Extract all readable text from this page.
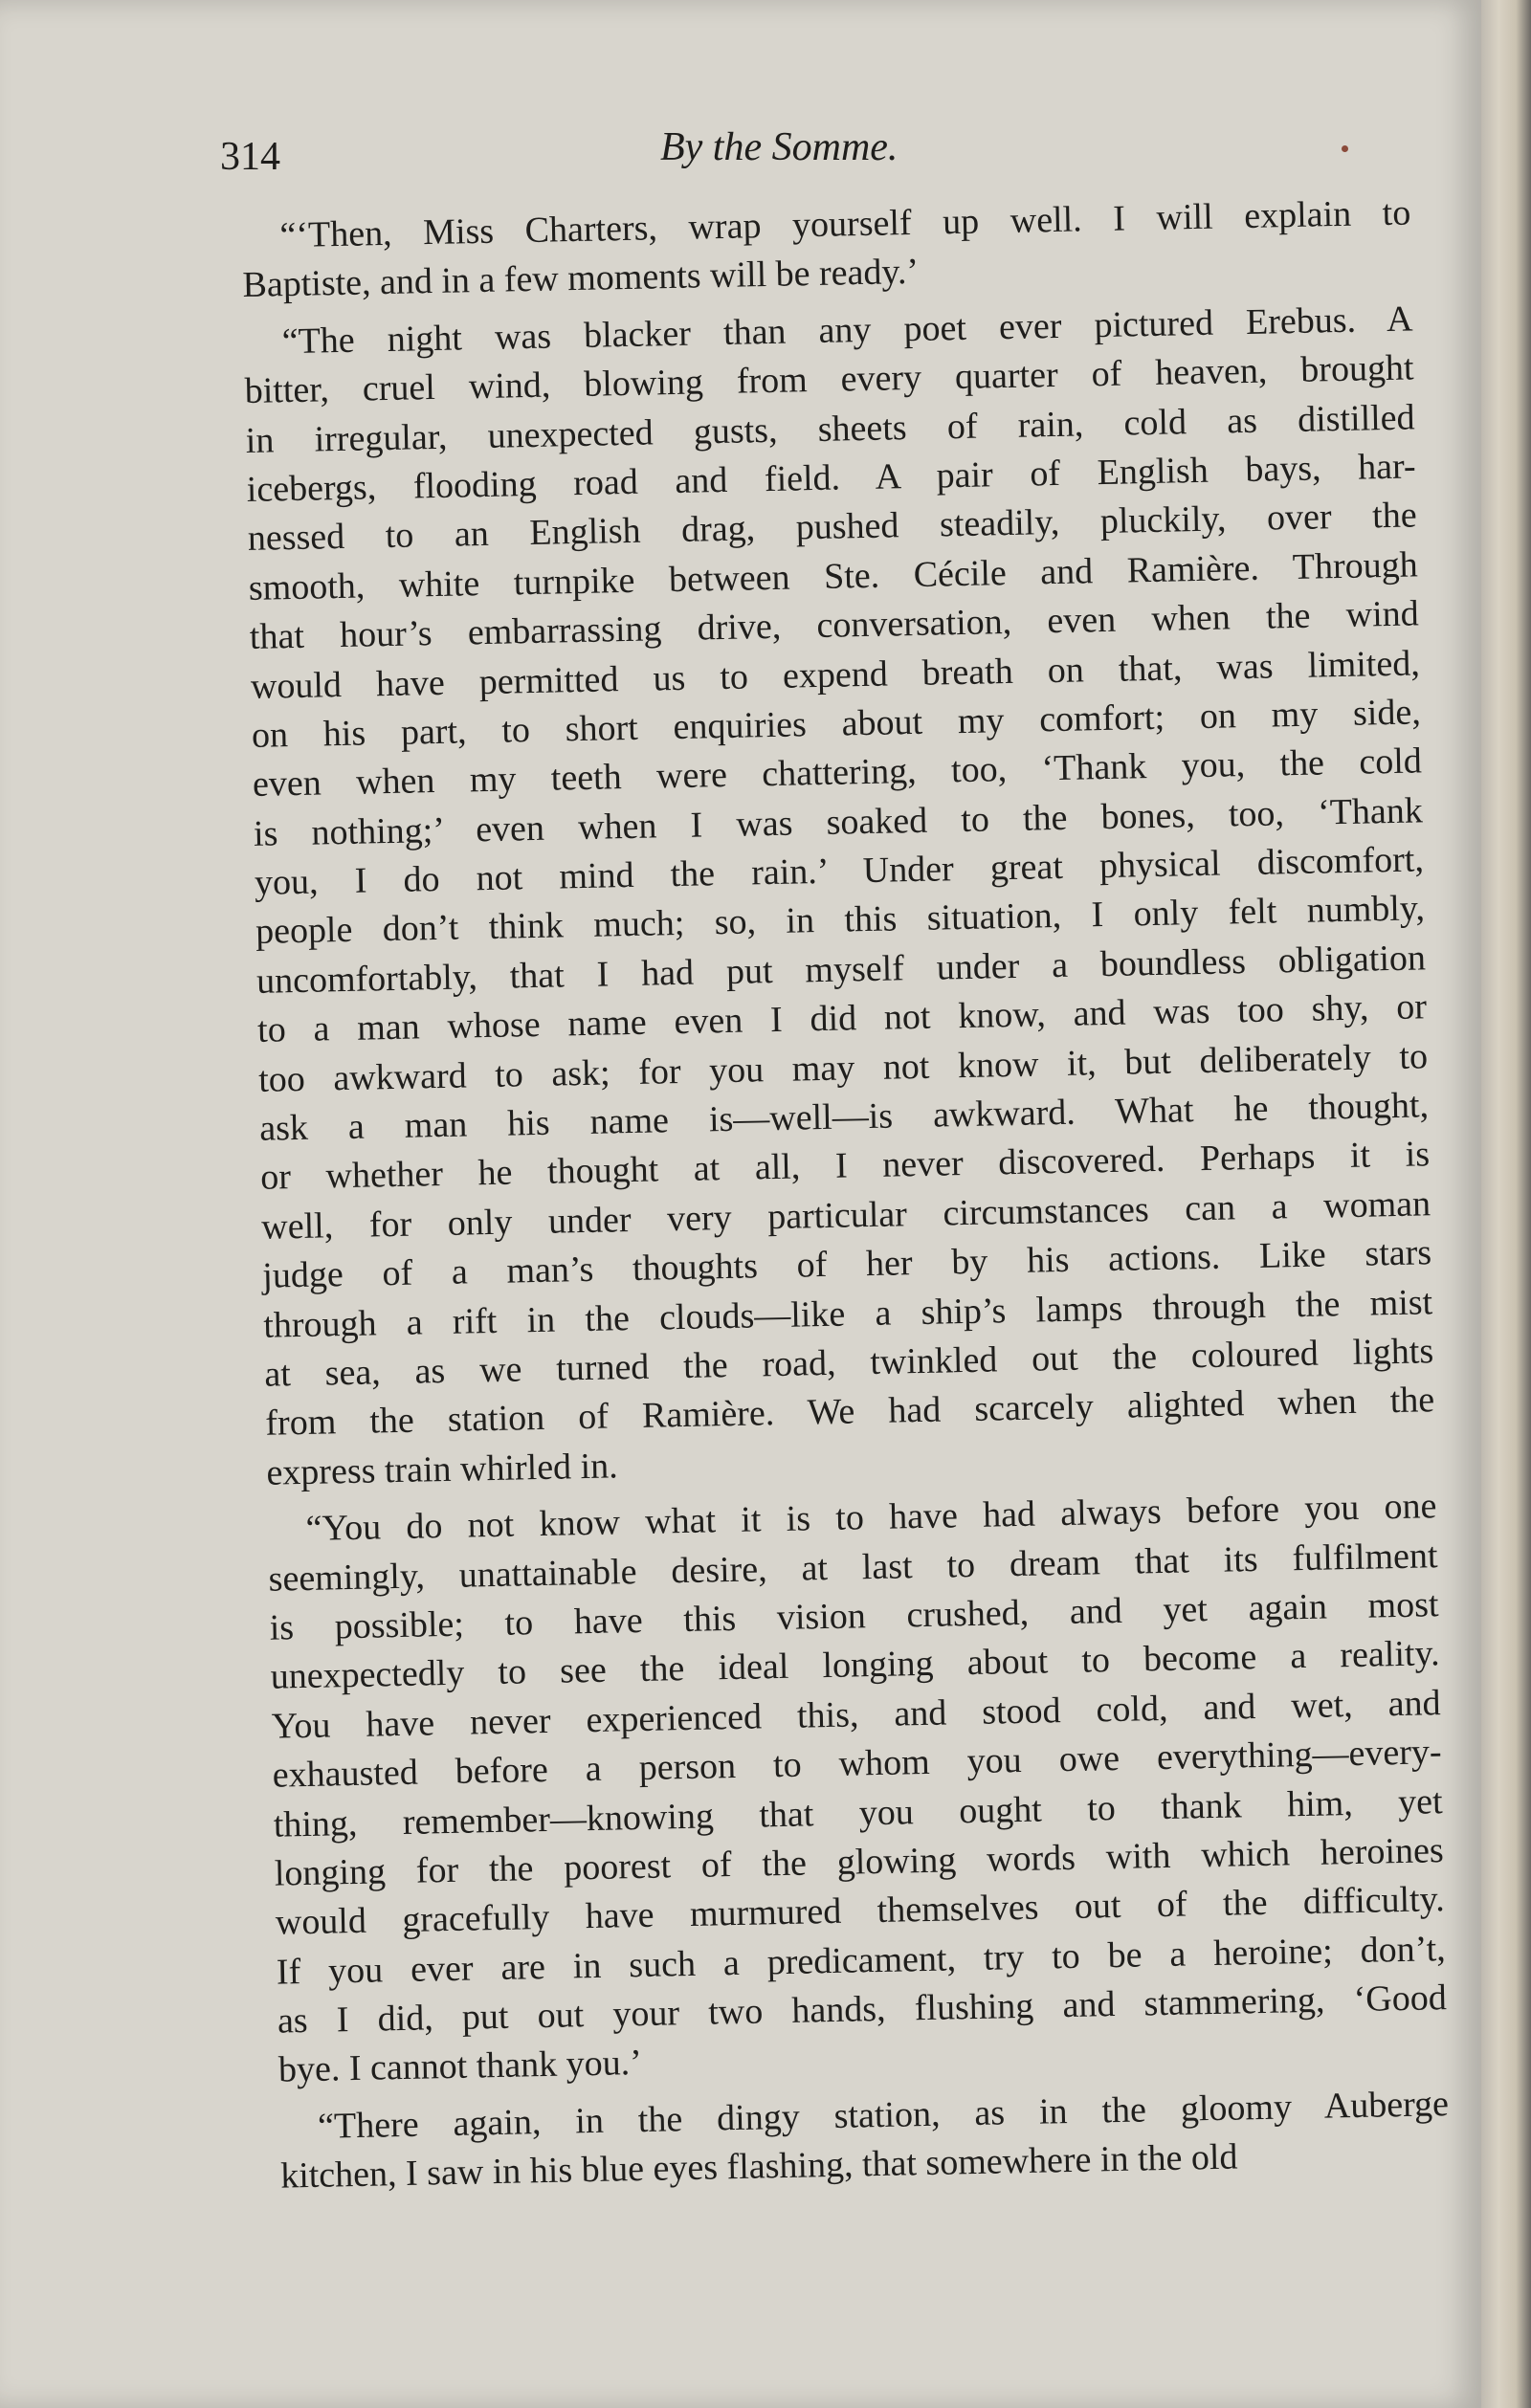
314	By the Somme.
“‘Then, Miss Charters, wrap yourself up well. I will explain to
Baptiste, and in a few moments will be ready.’
“The night was blacker than any poet ever pictured Erebus. A
bitter, cruel wind, blowing from every quarter of heaven, brought
in irregular, unexpected gusts, sheets of rain, cold as distilled
icebergs, flooding road and field. A pair of English bays, har-
nessed to an English drag, pushed steadily, pluckily, over the
smooth, white turnpike between Ste. Cécile and Ramière. Through
that hour’s embarrassing drive, conversation, even when the wind
would have permitted us to expend breath on that, was limited,
on his part, to short enquiries about my comfort; on my side,
even when my teeth were chattering, too, ‘Thank you, the cold
is nothing;’ even when I was soaked to the bones, too, ‘Thank
you, I do not mind the rain.’ Under great physical discomfort,
people don’t think much; so, in this situation, I only felt numbly,
uncomfortably, that I had put myself under a boundless obligation
to a man whose name even I did not know, and was too shy, or
too awkward to ask; for you may not know it, but deliberately to
ask a man his name is—well—is awkward. What he thought,
or whether he thought at all, I never discovered. Perhaps it is
well, for only under very particular circumstances can a woman
judge of a man’s thoughts of her by his actions. Like stars
through a rift in the clouds—like a ship’s lamps through the mist
at sea, as we turned the road, twinkled out the coloured lights
from the station of Ramière. We had scarcely alighted when the
express train whirled in.
“You do not know what it is to have had always before you one
seemingly, unattainable desire, at last to dream that its fulfilment
is possible; to have this vision crushed, and yet again most
unexpectedly to see the ideal longing about to become a reality.
You have never experienced this, and stood cold, and wet, and
exhausted before a person to whom you owe everything—every-
thing, remember—knowing that you ought to thank him, yet
longing for the poorest of the glowing words with which heroines
would gracefully have murmured themselves out of the difficulty.
If you ever are in such a predicament, try to be a heroine; don’t,
as I did, put out your two hands, flushing and stammering, ‘Good
bye. I cannot thank you.’
“There again, in the dingy station, as in the gloomy Auberge
kitchen, I saw in his blue eyes flashing, that somewhere in the old
